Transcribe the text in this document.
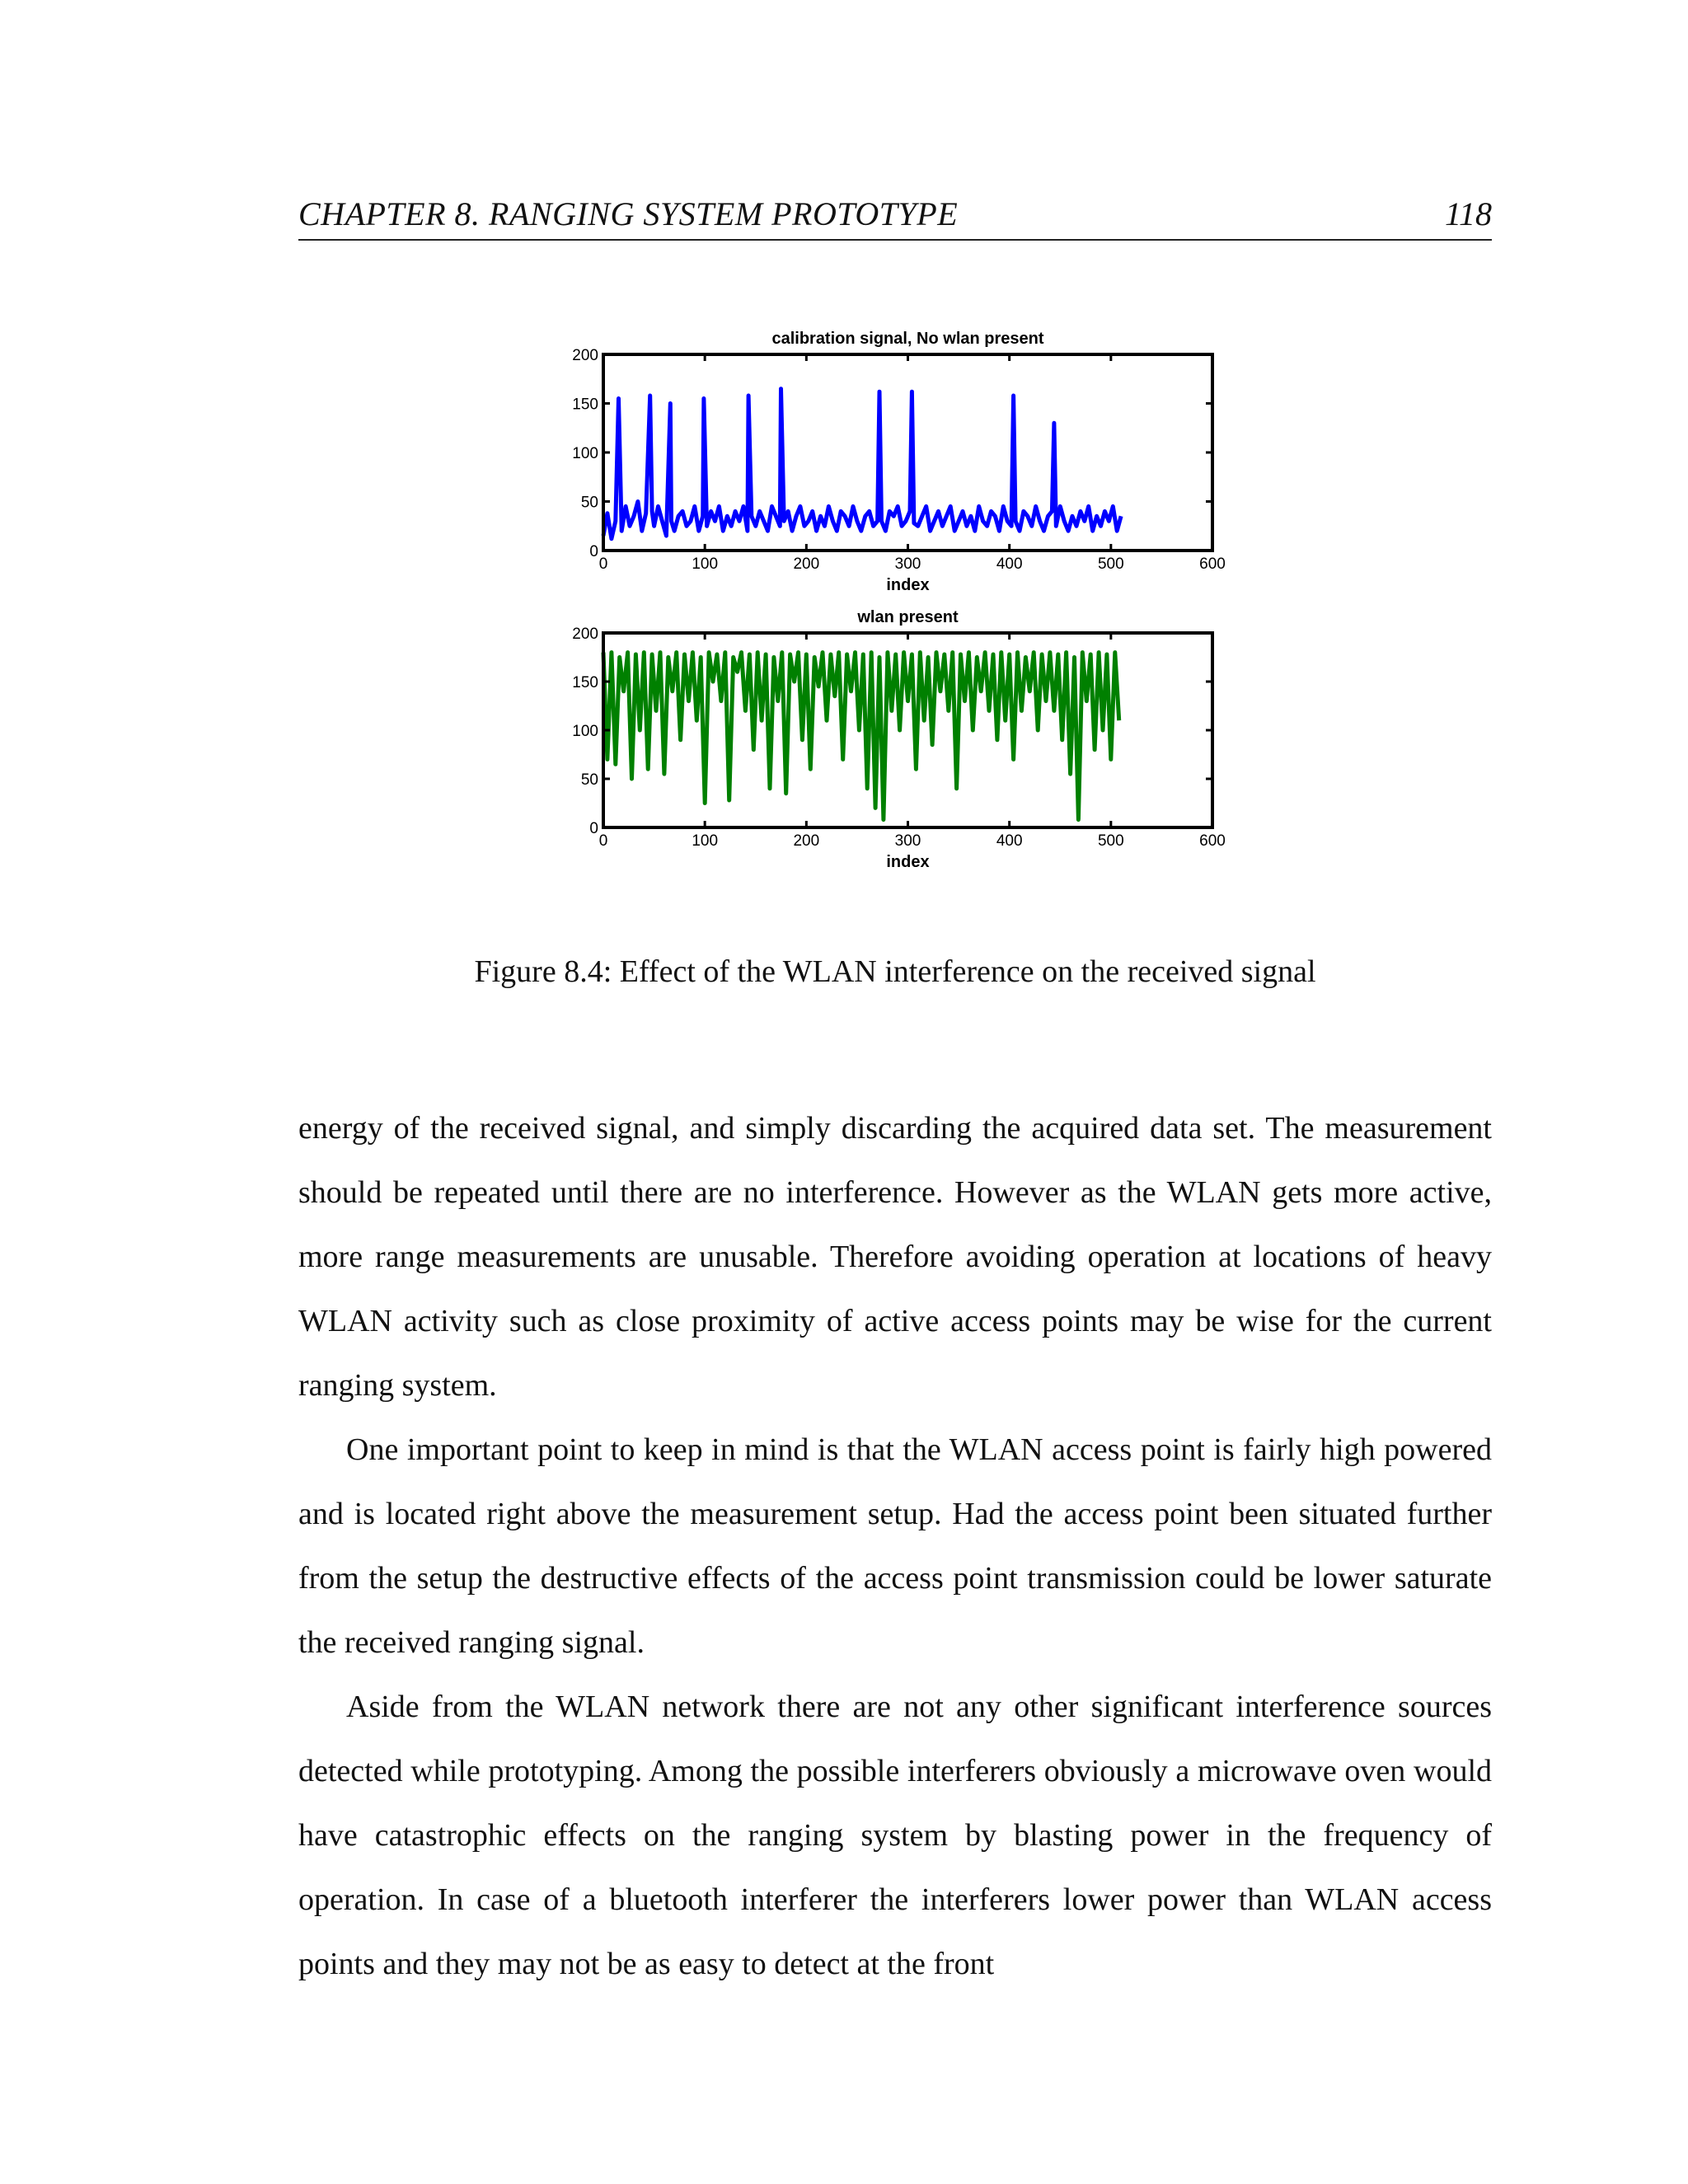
CHAPTER 8. RANGING SYSTEM PROTOTYPE	118
calibration signal, No wlan present
0	100	200	300	400	500	600
0
50
100
150
200
index
wlan present
0	100	200	300	400	500	600
0
50
100
150
200
index
Figure 8.4: Effect of the WLAN interference on the received signal

energy of the received signal, and simply discarding the acquired data set. The measurement should be repeated until there are no interference. However as the WLAN gets more active, more range measurements are unusable. Therefore avoiding operation at locations of heavy WLAN activity such as close proximity of active access points may be wise for the current ranging system.

One important point to keep in mind is that the WLAN access point is fairly high powered and is located right above the measurement setup. Had the access point been situated further from the setup the destructive effects of the access point transmission could be lower saturate the received ranging signal.

Aside from the WLAN network there are not any other significant interference sources detected while prototyping. Among the possible interferers obviously a microwave oven would have catastrophic effects on the ranging system by blasting power in the frequency of operation. In case of a bluetooth interferer the interferers lower power than WLAN access points and they may not be as easy to detect at the front
